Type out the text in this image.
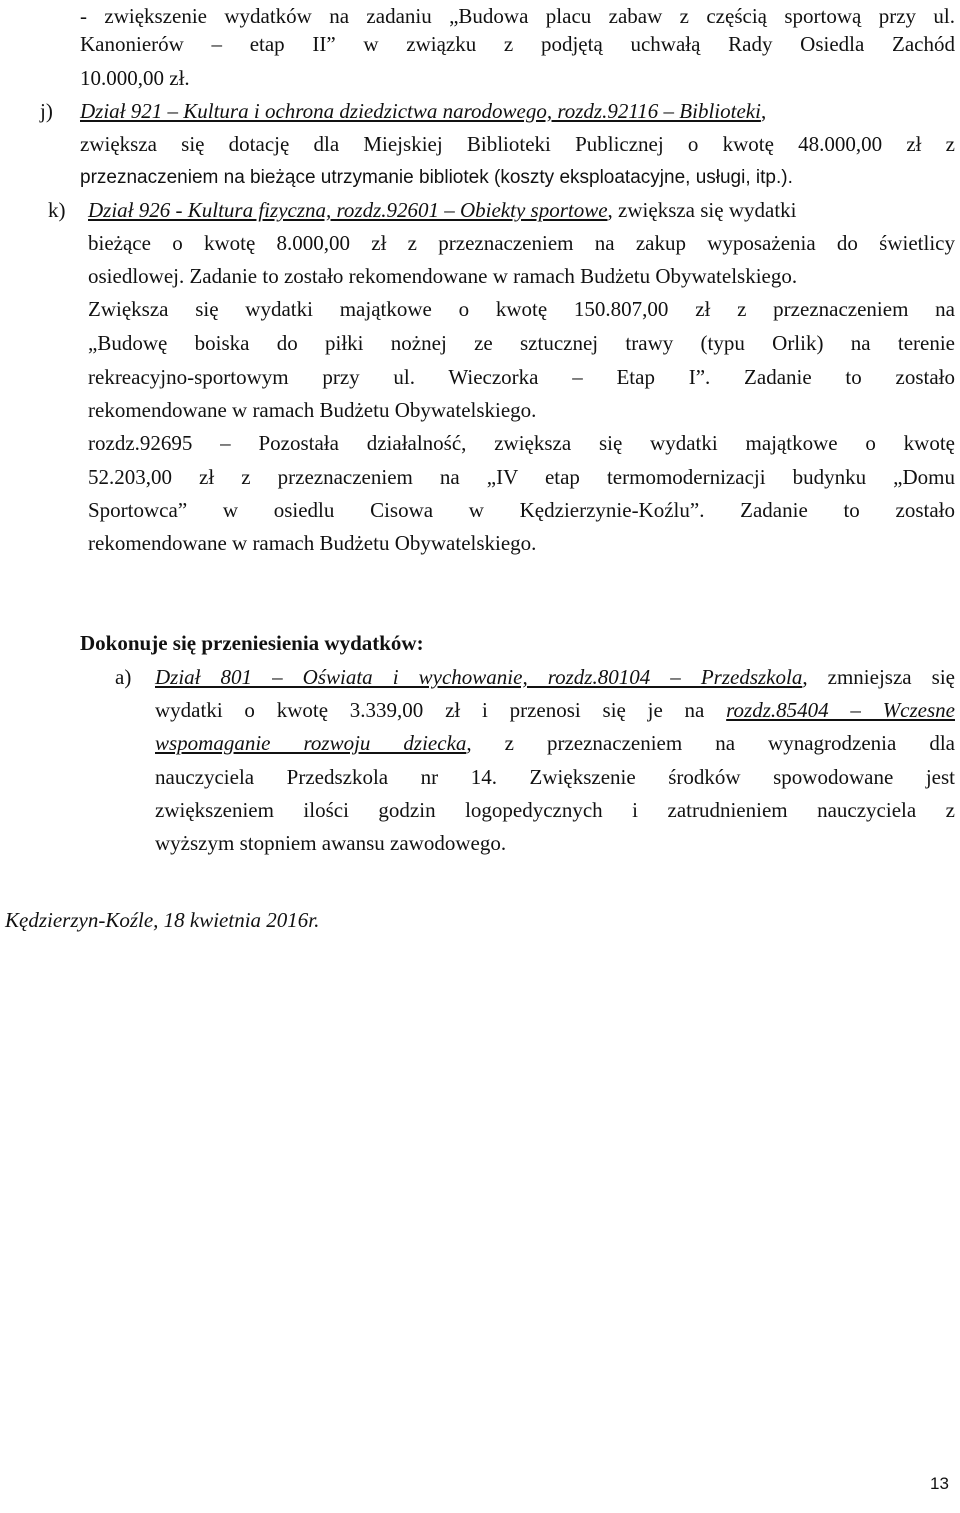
- zwiększenie wydatków na zadaniu „Budowa placu zabaw z częścią sportową przy ul.
Kanonierów – etap II” w związku z podjętą uchwałą Rady Osiedla Zachód
10.000,00 zł.
j) Dział 921 – Kultura i ochrona dziedzictwa narodowego, rozdz.92116 – Biblioteki,
zwiększa się dotację dla Miejskiej Biblioteki Publicznej o kwotę 48.000,00 zł z
przeznaczeniem na bieżące utrzymanie bibliotek (koszty eksploatacyjne, usługi, itp.).
k) Dział 926 - Kultura fizyczna, rozdz.92601 – Obiekty sportowe, zwiększa się wydatki
bieżące o kwotę 8.000,00 zł z przeznaczeniem na zakup wyposażenia do świetlicy
osiedlowej. Zadanie to zostało rekomendowane w ramach Budżetu Obywatelskiego.
Zwiększa się wydatki majątkowe o kwotę 150.807,00 zł z przeznaczeniem na
„Budowę boiska do piłki nożnej ze sztucznej trawy (typu Orlik) na terenie
rekreacyjno-sportowym przy ul. Wieczorka – Etap I”. Zadanie to zostało
rekomendowane w ramach Budżetu Obywatelskiego.
rozdz.92695 – Pozostała działalność, zwiększa się wydatki majątkowe o kwotę
52.203,00 zł z przeznaczeniem na „IV etap termomodernizacji budynku „Domu
Sportowca” w osiedlu Cisowa w Kędzierzynie-Koźlu”. Zadanie to zostało
rekomendowane w ramach Budżetu Obywatelskiego.
Dokonuje się przeniesienia wydatków:
a) Dział 801 – Oświata i wychowanie, rozdz.80104 – Przedszkola, zmniejsza się
wydatki o kwotę 3.339,00 zł i przenosi się je na rozdz.85404 – Wczesne
wspomaganie rozwoju dziecka, z przeznaczeniem na wynagrodzenia dla
nauczyciela Przedszkola nr 14. Zwiększenie środków spowodowane jest
zwiększeniem ilości godzin logopedycznych i zatrudnieniem nauczyciela z
wyższym stopniem awansu zawodowego.
Kędzierzyn-Koźle, 18 kwietnia 2016r.
13
